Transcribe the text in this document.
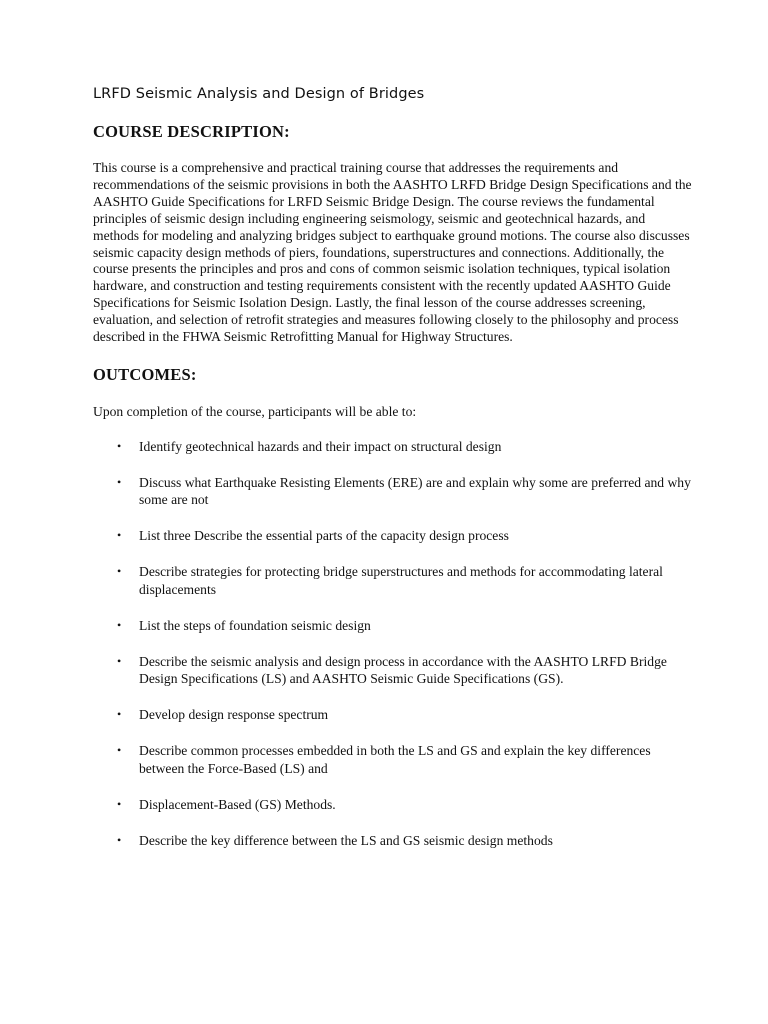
LRFD Seismic Analysis and Design of Bridges
COURSE DESCRIPTION:

This course is a comprehensive and practical training course that addresses the requirements and recommendations of the seismic provisions in both the AASHTO LRFD Bridge Design Specifications and the AASHTO Guide Specifications for LRFD Seismic Bridge Design. The course reviews the fundamental principles of seismic design including engineering seismology, seismic and geotechnical hazards, and methods for modeling and analyzing bridges subject to earthquake ground motions. The course also discusses seismic capacity design methods of piers, foundations, superstructures and connections. Additionally, the course presents the principles and pros and cons of common seismic isolation techniques, typical isolation hardware, and construction and testing requirements consistent with the recently updated AASHTO Guide Specifications for Seismic Isolation Design. Lastly, the final lesson of the course addresses screening, evaluation, and selection of retrofit strategies and measures following closely to the philosophy and process described in the FHWA Seismic Retrofitting Manual for Highway Structures.

OUTCOMES:

Upon completion of the course, participants will be able to:

• Identify geotechnical hazards and their impact on structural design
• Discuss what Earthquake Resisting Elements (ERE) are and explain why some are preferred and why some are not
• List three Describe the essential parts of the capacity design process
• Describe strategies for protecting bridge superstructures and methods for accommodating lateral displacements
• List the steps of foundation seismic design
• Describe the seismic analysis and design process in accordance with the AASHTO LRFD Bridge Design Specifications (LS) and AASHTO Seismic Guide Specifications (GS).
• Develop design response spectrum
• Describe common processes embedded in both the LS and GS and explain the key differences between the Force-Based (LS) and
• Displacement-Based (GS) Methods.
• Describe the key difference between the LS and GS seismic design methods
